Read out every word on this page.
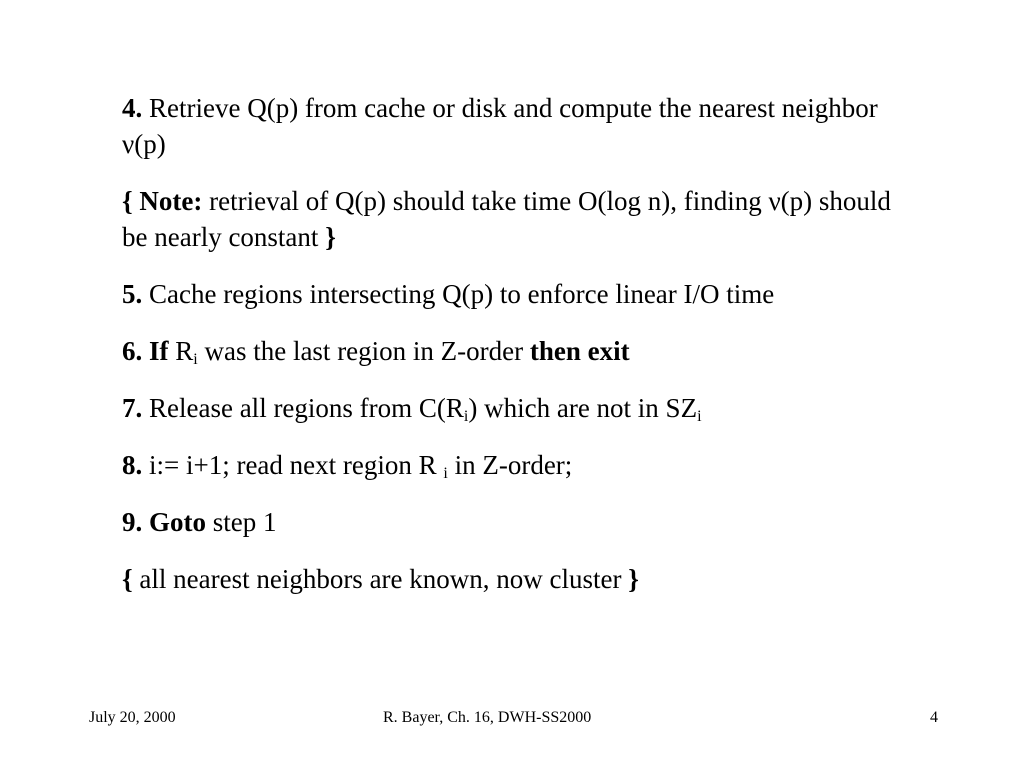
4. Retrieve Q(p) from cache or disk and compute the nearest neighbor ν(p)

{ Note: retrieval of Q(p) should take time O(log n), finding ν(p) should be nearly constant }

5. Cache regions intersecting Q(p) to enforce linear I/O time

6. If $R_i$ was the last region in Z-order then exit

7. Release all regions from $C(R_i)$ which are not in $SZ_i$

8. i:= i+1; read next region R $_i$ in Z-order;

9. Goto step 1

{ all nearest neighbors are known, now cluster }

July 20, 2000	R. Bayer, Ch. 16, DWH-SS2000	4
